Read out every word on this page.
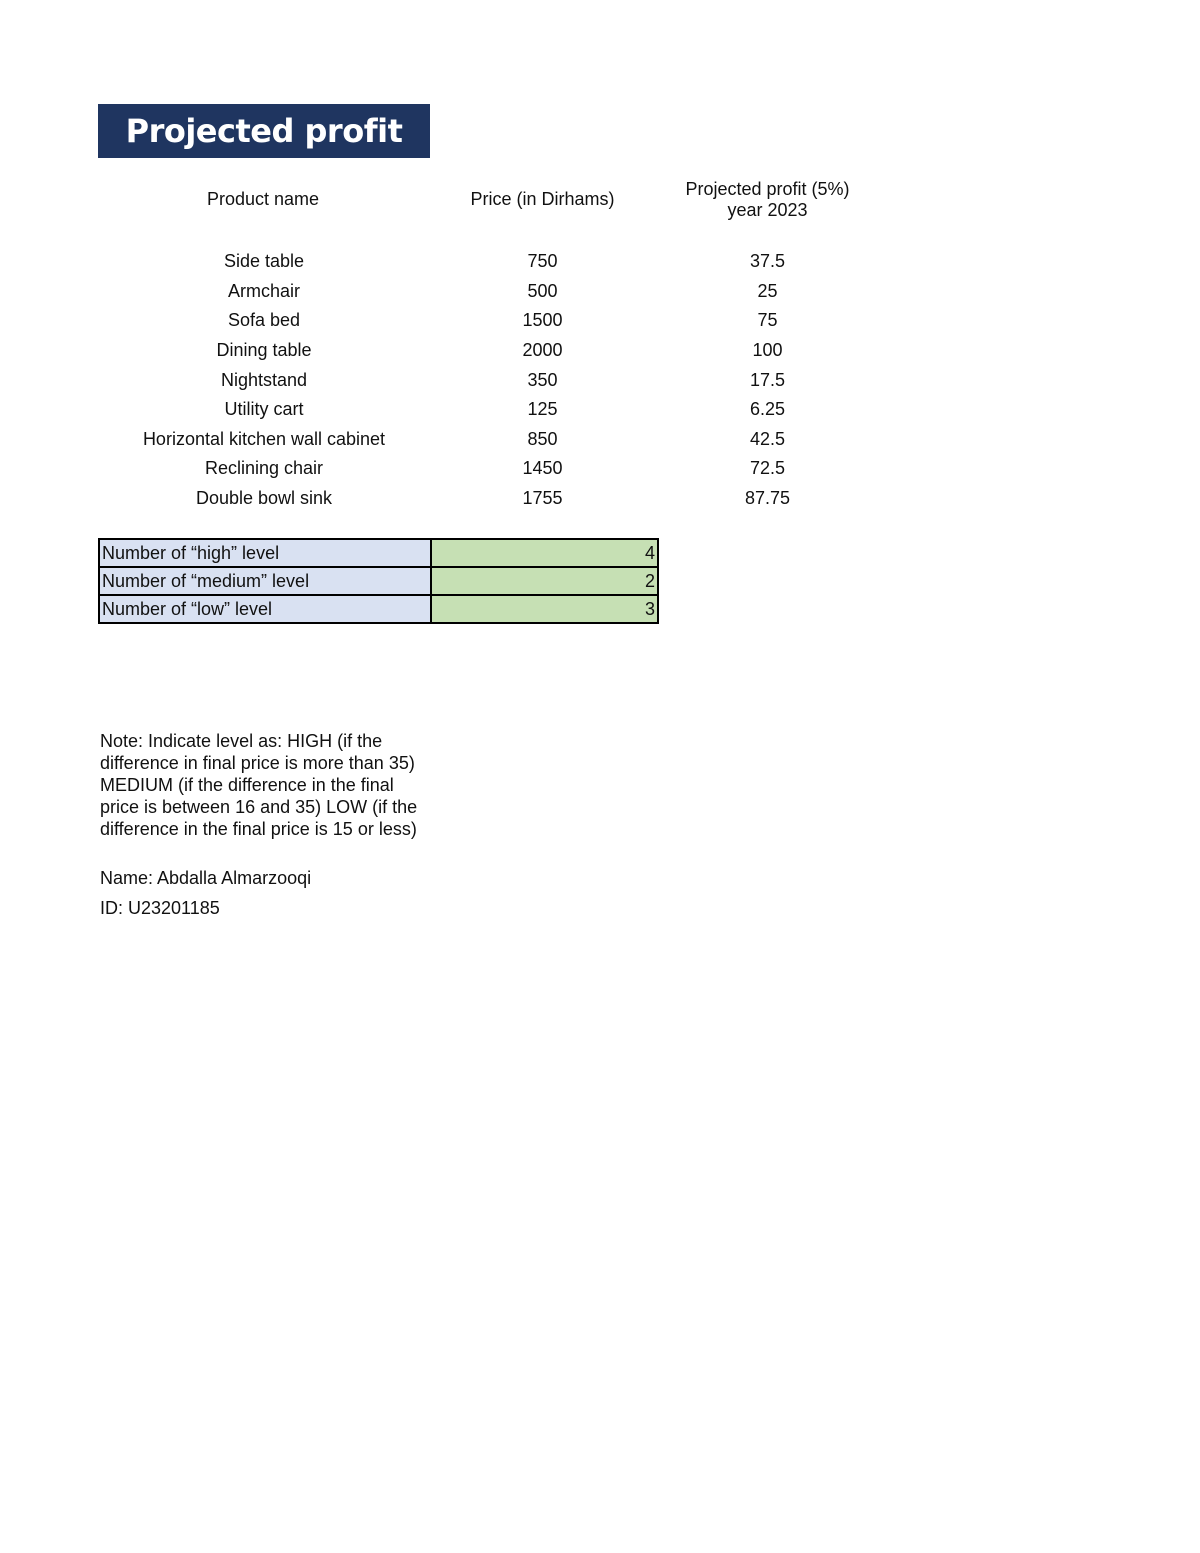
Projected profit
Product name	Price (in Dirhams)	Projected profit (5%)
year 2023
Side table	750	37.5
Armchair	500	25
Sofa bed	1500	75
Dining table	2000	100
Nightstand	350	17.5
Utility cart	125	6.25
Horizontal kitchen wall cabinet	850	42.5
Reclining chair	1450	72.5
Double bowl sink	1755	87.75
Number of “high” level	4
Number of “medium” level	2
Number of “low” level	3
Note: Indicate level as: HIGH (if the difference in final price is more than 35) MEDIUM (if the difference in the final price is between 16 and 35) LOW (if the difference in the final price is 15 or less)
Name: Abdalla Almarzooqi
ID: U23201185
